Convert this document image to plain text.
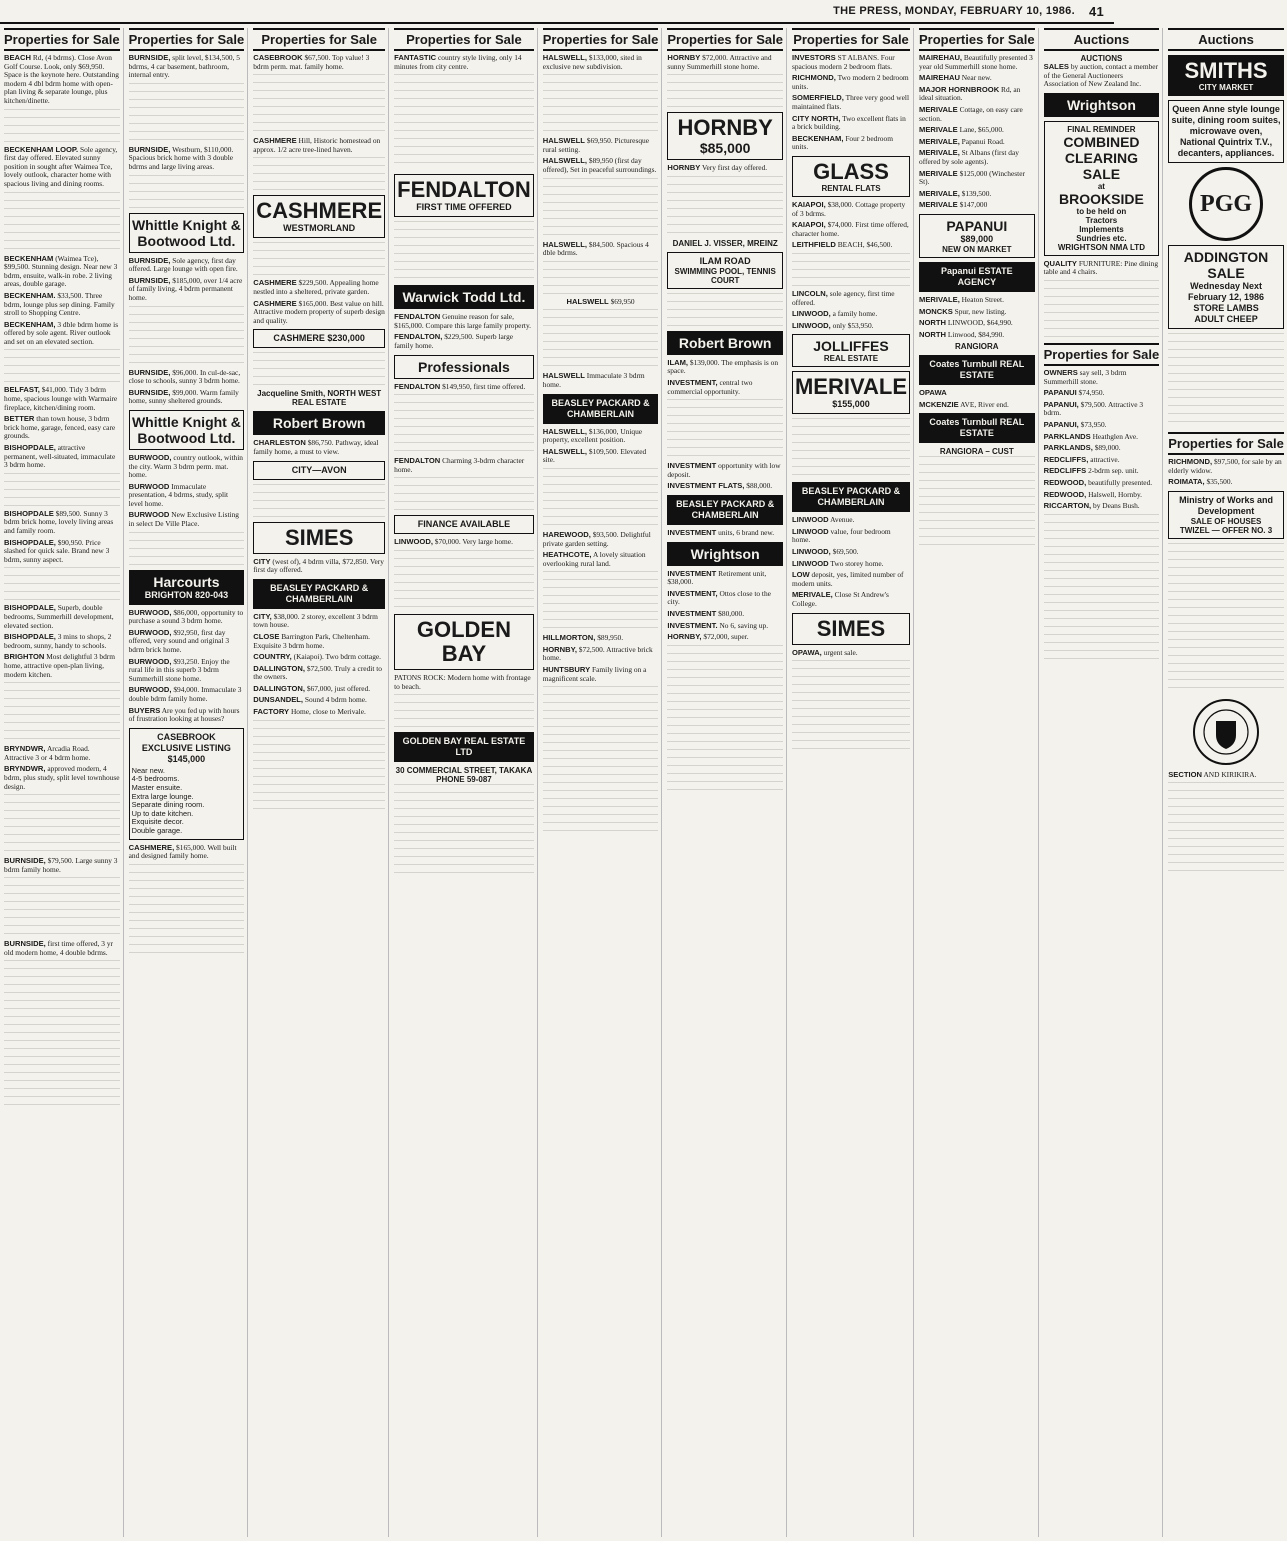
THE PRESS, MONDAY, FEBRUARY 10, 1986. 41
Properties for Sale
BEACH Rd, (4 bdrms). Close Avon Golf Course. Look, only $69,950. Space is the keynote here. Outstanding modern 4 dbl bdrm home with open-plan living & separate lounge, plus kitchen/dinette.
BECKENHAM LOOP. Sole agency, first day offered. Elevated sunny position in sought after Waimea Tce, lovely outlook, character home with spacious living and dining rooms.
BECKENHAM (Waimea Tce), $99,500. Stunning design. Near new 3 bdrm, ensuite, walk-in robe. 2 living areas, double garage.
BECKENHAM. $33,500. Three bdrm, lounge plus sep dining. Family stroll to Shopping Centre.
BECKENHAM, 3 dble bdrm home is offered by sole agent. River outlook and set on an elevated section.
BELFAST, $41,000. Tidy 3 bdrm home, spacious lounge with Warmaire fireplace, kitchen/dining room.
BETTER than town house, 3 bdrm brick home, garage, fenced, easy care grounds.
BISHOPDALE, attractive permanent, well-situated, immaculate 3 bdrm home.
BISHOPDALE $89,500. Sunny 3 bdrm brick home, lovely living areas and family room.
BISHOPDALE, $90,950. Price slashed for quick sale. Brand new 3 bdrm, sunny aspect.
BISHOPDALE, Superb, double bedrooms, Summerhill development, elevated section.
BISHOPDALE, 3 mins to shops, 2 bedroom, sunny, handy to schools.
BRIGHTON Most delightful 3 bdrm home, attractive open-plan living, modern kitchen.
BRYNDWR, Arcadia Road. Attractive 3 or 4 bdrm home.
BRYNDWR, approved modern, 4 bdrm, plus study, split level townhouse design.
BURNSIDE, $79,500. Large sunny 3 bdrm family home.
BURNSIDE, first time offered, 3 yr old modern home, 4 double bdrms.
Properties for Sale
BURNSIDE, split level, $134,500, 5 bdrms, 4 car basement, bathroom, internal entry.
BURNSIDE, Westburn, $110,000. Spacious brick home with 3 double bdrms and large living areas.
Whittle Knight & Bootwood Ltd.
BURNSIDE, Sole agency, first day offered. Large lounge with open fire.
BURNSIDE, $185,000, over 1/4 acre of family living, 4 bdrm permanent home.
BURNSIDE, $96,000. In cul-de-sac, close to schools, sunny 3 bdrm home.
BURNSIDE, $99,000. Warm family home, sunny sheltered grounds.
Whittle Knight & Bootwood Ltd.
BURWOOD, country outlook, within the city. Warm 3 bdrm perm. mat. home.
BURWOOD Immaculate presentation, 4 bdrms, study, split level home.
BURWOOD New Exclusive Listing in select De Ville Place.
Harcourts
BRIGHTON 820-043
BURWOOD, $86,000, opportunity to purchase a sound 3 bdrm home.
BURWOOD, $92,950, first day offered, very sound and original 3 bdrm brick home.
BURWOOD, $93,250. Enjoy the rural life in this superb 3 bdrm Summerhill stone home.
BURWOOD, $94,000. Immaculate 3 double bdrm family home.
BUYERS Are you fed up with hours of frustration looking at houses?
CASEBROOK EXCLUSIVE LISTING
$145,000
Near new.
4-5 bedrooms.
Master ensuite.
Extra large lounge.
Separate dining room.
Up to date kitchen.
Exquisite decor.
Double garage.
CASHMERE, $165,000. Well built and designed family home.
Properties for Sale
CASEBROOK $67,500. Top value! 3 bdrm perm. mat. family home.
CASHMERE Hill, Historic homestead on approx. 1/2 acre tree-lined haven.
CASHMERE
WESTMORLAND
CASHMERE $229,500. Appealing home nestled into a sheltered, private garden.
CASHMERE $165,000. Best value on hill. Attractive modern property of superb design and quality.
CASHMERE $230,000
Jacqueline Smith, NORTH WEST REAL ESTATE
Robert Brown
CHARLESTON $86,750. Pathway, ideal family home, a must to view.
CITY—AVON
SIMES
CITY (west of), 4 bdrm villa, $72,850. Very first day offered.
BEASLEY PACKARD & CHAMBERLAIN
CITY, $38,000. 2 storey, excellent 3 bdrm town house.
CLOSE Barrington Park, Cheltenham. Exquisite 3 bdrm home.
COUNTRY, (Kaiapoi). Two bdrm cottage.
DALLINGTON, $72,500. Truly a credit to the owners.
DALLINGTON, $67,000, just offered.
DUNSANDEL, Sound 4 bdrm home.
FACTORY Home, close to Merivale.
Properties for Sale
FANTASTIC country style living, only 14 minutes from city centre.
FENDALTON
FIRST TIME OFFERED
Warwick Todd Ltd.
FENDALTON Genuine reason for sale, $165,000. Compare this large family property.
FENDALTON, $229,500. Superb large family home.
Professionals
FENDALTON $149,950, first time offered.
FENDALTON Charming 3-bdrm character home.
FINANCE AVAILABLE
LINWOOD, $70,000. Very large home.
GOLDEN BAY
PATONS ROCK: Modern home with frontage to beach.
GOLDEN BAY REAL ESTATE LTD
30 COMMERCIAL STREET, TAKAKA
PHONE 59-087
Properties for Sale
HALSWELL, $133,000, sited in exclusive new subdivision.
HALSWELL $69,950. Picturesque rural setting.
HALSWELL, $89,950 (first day offered), Set in peaceful surroundings.
HALSWELL, $84,500. Spacious 4 dble bdrms.
HALSWELL $69,950
HALSWELL Immaculate 3 bdrm home.
BEASLEY PACKARD & CHAMBERLAIN
HALSWELL, $136,000, Unique property, excellent position.
HALSWELL, $109,500. Elevated site.
HAREWOOD, $93,500. Delightful private garden setting.
HEATHCOTE, A lovely situation overlooking rural land.
HILLMORTON, $89,950.
HORNBY, $72,500. Attractive brick home.
HUNTSBURY Family living on a magnificent scale.
Properties for Sale
HORNBY $72,000. Attractive and sunny Summerhill stone home.
HORNBY
$85,000
HORNBY Very first day offered.
DANIEL J. VISSER, MREINZ
ILAM ROAD
SWIMMING POOL, TENNIS COURT
Robert Brown
ILAM, $139,000. The emphasis is on space.
INVESTMENT, central two commercial opportunity.
INVESTMENT opportunity with low deposit.
INVESTMENT FLATS, $88,000.
BEASLEY PACKARD & CHAMBERLAIN
INVESTMENT units, 6 brand new.
Wrightson
INVESTMENT Retirement unit, $38,000.
INVESTMENT, Ottos close to the city.
INVESTMENT $80,000.
INVESTMENT. No 6, saving up.
HORNBY, $72,000, super.
Properties for Sale
INVESTORS ST ALBANS. Four spacious modern 2 bedroom flats.
RICHMOND, Two modern 2 bedroom units.
SOMERFIELD, Three very good well maintained flats.
CITY NORTH, Two excellent flats in a brick building.
BECKENHAM, Four 2 bedroom units.
GLASS
RENTAL FLATS
KAIAPOI, $38,000. Cottage property of 3 bdrms.
KAIAPOI, $74,000. First time offered, character home.
LEITHFIELD BEACH, $46,500.
LINCOLN, sole agency, first time offered.
LINWOOD, a family home.
LINWOOD, only $53,950.
JOLLIFFES
REAL ESTATE
MERIVALE
$155,000
BEASLEY PACKARD & CHAMBERLAIN
LINWOOD Avenue.
LINWOOD value, four bedroom home.
LINWOOD, $69,500.
LINWOOD Two storey home.
LOW deposit, yes, limited number of modern units.
MERIVALE, Close St Andrew's College.
SIMES
OPAWA, urgent sale.
Properties for Sale
MAIREHAU, Beautifully presented 3 year old Summerhill stone home.
MAIREHAU Near new.
MAJOR HORNBROOK Rd, an ideal situation.
MERIVALE Cottage, on easy care section.
MERIVALE Lane, $65,000.
MERIVALE, Papanui Road.
MERIVALE, St Albans (first day offered by sole agents).
MERIVALE $125,000 (Winchester St).
MERIVALE, $139,500.
MERIVALE $147,000
PAPANUI
$89,000
NEW ON MARKET
Papanui ESTATE AGENCY
MERIVALE, Heaton Street.
MONCKS Spur, new listing.
NORTH LINWOOD, $64,990.
NORTH Linwood, $84,990.
RANGIORA
Coates Turnbull REAL ESTATE
OPAWA
MCKENZIE AVE, River end.
Coates Turnbull REAL ESTATE
RANGIORA – CUST
Auctions
AUCTIONS
SALES by auction, contact a member of the General Auctioneers Association of New Zealand Inc.
Wrightson
FINAL REMINDER
COMBINED CLEARING SALE
at
BROOKSIDE
to be held on
Tractors
Implements
Sundries etc.
WRIGHTSON NMA LTD
QUALITY FURNITURE: Pine dining table and 4 chairs.
Properties for Sale
OWNERS say sell, 3 bdrm Summerhill stone.
PAPANUI $74,950.
PAPANUI, $79,500. Attractive 3 bdrm.
PAPANUI, $73,950.
PARKLANDS Heathglen Ave.
PARKLANDS, $89,000.
REDCLIFFS, attractive.
REDCLIFFS 2-bdrm sep. unit.
REDWOOD, beautifully presented.
REDWOOD, Halswell, Hornby.
RICCARTON, by Deans Bush.
Auctions
SMITHS
CITY MARKET
Queen Anne style lounge suite, dining room suites, microwave oven, National Quintrix T.V., decanters, appliances.
PGG
ADDINGTON SALE
Wednesday Next
February 12, 1986
STORE LAMBS
ADULT CHEEP
Properties for Sale
RICHMOND, $97,500, for sale by an elderly widow.
ROIMATA, $35,500.
Ministry of Works and Development
SALE OF HOUSES
TWIZEL — OFFER NO. 3
SECTION AND KIRIKIRA.
